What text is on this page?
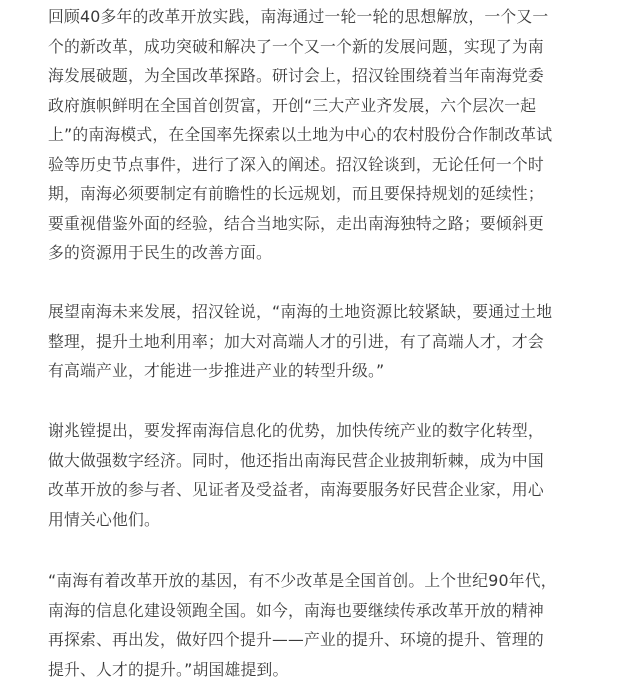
回顾40多年的改革开放实践，南海通过一轮一轮的思想解放，一个又一
个的新改革，成功突破和解决了一个又一个新的发展问题，实现了为南
海发展破题，为全国改革探路。研讨会上，招汉铨围绕着当年南海党委
政府旗帜鲜明在全国首创贺富，开创“三大产业齐发展，六个层次一起
上”的南海模式，在全国率先探索以土地为中心的农村股份合作制改革试
验等历史节点事件，进行了深入的阐述。招汉铨谈到，无论任何一个时
期，南海必须要制定有前瞻性的长远规划，而且要保持规划的延续性；
要重视借鉴外面的经验，结合当地实际，走出南海独特之路；要倾斜更
多的资源用于民生的改善方面。
展望南海未来发展，招汉铨说，“南海的土地资源比较紧缺，要通过土地
整理，提升土地利用率；加大对高端人才的引进，有了高端人才，才会
有高端产业，才能进一步推进产业的转型升级。”
谢兆镗提出，要发挥南海信息化的优势，加快传统产业的数字化转型，
做大做强数字经济。同时，他还指出南海民营企业披荆斩棘，成为中国
改革开放的参与者、见证者及受益者，南海要服务好民营企业家，用心
用情关心他们。
“南海有着改革开放的基因，有不少改革是全国首创。上个世纪90年代，
南海的信息化建设领跑全国。如今，南海也要继续传承改革开放的精神
再探索、再出发，做好四个提升——产业的提升、环境的提升、管理的
提升、人才的提升。”胡国雄提到。
